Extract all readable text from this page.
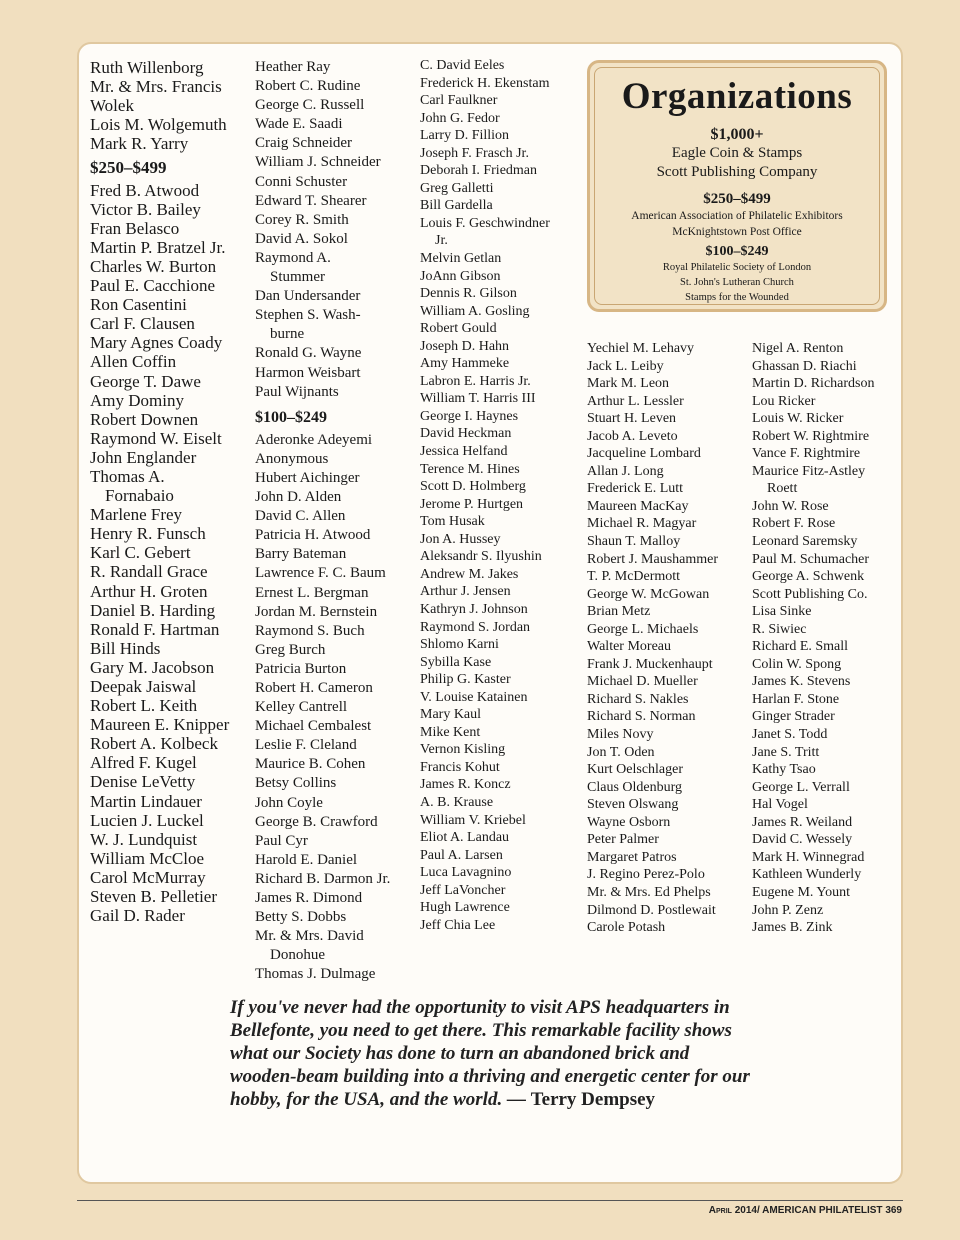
Ruth Willenborg
Mr. & Mrs. Francis
Wolek
Lois M. Wolgemuth
Mark R. Yarry
$250–$499
Fred B. Atwood
Victor B. Bailey
Fran Belasco
Martin P. Bratzel Jr.
Charles W. Burton
Paul E. Cacchione
Ron Casentini
Carl F. Clausen
Mary Agnes Coady
Allen Coffin
George T. Dawe
Amy Dominy
Robert Downen
Raymond W. Eiselt
John Englander
Thomas A.
Fornabaio
Marlene Frey
Henry R. Funsch
Karl C. Gebert
R. Randall Grace
Arthur H. Groten
Daniel B. Harding
Ronald F. Hartman
Bill Hinds
Gary M. Jacobson
Deepak Jaiswal
Robert L. Keith
Maureen E. Knipper
Robert A. Kolbeck
Alfred F. Kugel
Denise LeVetty
Martin Lindauer
Lucien J. Luckel
W. J. Lundquist
William McCloe
Carol McMurray
Steven B. Pelletier
Gail D. Rader
Heather Ray
Robert C. Rudine
George C. Russell
Wade E. Saadi
Craig Schneider
William J. Schneider
Conni Schuster
Edward T. Shearer
Corey R. Smith
David A. Sokol
Raymond A.
Stummer
Dan Undersander
Stephen S. Wash-
burne
Ronald G. Wayne
Harmon Weisbart
Paul Wijnants
$100–$249
Aderonke Adeyemi
Anonymous
Hubert Aichinger
John D. Alden
David C. Allen
Patricia H. Atwood
Barry Bateman
Lawrence F. C. Baum
Ernest L. Bergman
Jordan M. Bernstein
Raymond S. Buch
Greg Burch
Patricia Burton
Robert H. Cameron
Kelley Cantrell
Michael Cembalest
Leslie F. Cleland
Maurice B. Cohen
Betsy Collins
John Coyle
George B. Crawford
Paul Cyr
Harold E. Daniel
Richard B. Darmon Jr.
James R. Dimond
Betty S. Dobbs
Mr. & Mrs. David
Donohue
Thomas J. Dulmage
C. David Eeles
Frederick H. Ekenstam
Carl Faulkner
John G. Fedor
Larry D. Fillion
Joseph F. Frasch Jr.
Deborah I. Friedman
Greg Galletti
Bill Gardella
Louis F. Geschwindner
Jr.
Melvin Getlan
JoAnn Gibson
Dennis R. Gilson
William A. Gosling
Robert Gould
Joseph D. Hahn
Amy Hammeke
Labron E. Harris Jr.
William T. Harris III
George I. Haynes
David Heckman
Jessica Helfand
Terence M. Hines
Scott D. Holmberg
Jerome P. Hurtgen
Tom Husak
Jon A. Hussey
Aleksandr S. Ilyushin
Andrew M. Jakes
Arthur J. Jensen
Kathryn J. Johnson
Raymond S. Jordan
Shlomo Karni
Sybilla Kase
Philip G. Kaster
V. Louise Katainen
Mary Kaul
Mike Kent
Vernon Kisling
Francis Kohut
James R. Koncz
A. B. Krause
William V. Kriebel
Eliot A. Landau
Paul A. Larsen
Luca Lavagnino
Jeff LaVoncher
Hugh Lawrence
Jeff Chia Lee
Yechiel M. Lehavy
Jack L. Leiby
Mark M. Leon
Arthur L. Lessler
Stuart H. Leven
Jacob A. Leveto
Jacqueline Lombard
Allan J. Long
Frederick E. Lutt
Maureen MacKay
Michael R. Magyar
Shaun T. Malloy
Robert J. Maushammer
T. P. McDermott
George W. McGowan
Brian Metz
George L. Michaels
Walter Moreau
Frank J. Muckenhaupt
Michael D. Mueller
Richard S. Nakles
Richard S. Norman
Miles Novy
Jon T. Oden
Kurt Oelschlager
Claus Oldenburg
Steven Olswang
Wayne Osborn
Peter Palmer
Margaret Patros
J. Regino Perez-Polo
Mr. & Mrs. Ed Phelps
Dilmond D. Postlewait
Carole Potash
Nigel A. Renton
Ghassan D. Riachi
Martin D. Richardson
Lou Ricker
Louis W. Ricker
Robert W. Rightmire
Vance F. Rightmire
Maurice Fitz-Astley
Roett
John W. Rose
Robert F. Rose
Leonard Saremsky
Paul M. Schumacher
George A. Schwenk
Scott Publishing Co.
Lisa Sinke
R. Siwiec
Richard E. Small
Colin W. Spong
James K. Stevens
Harlan F. Stone
Ginger Strader
Janet S. Todd
Jane S. Tritt
Kathy Tsao
George L. Verrall
Hal Vogel
James R. Weiland
David C. Wessely
Mark H. Winnegrad
Kathleen Wunderly
Eugene M. Yount
John P. Zenz
James B. Zink
Organizations
$1,000+
Eagle Coin & Stamps
Scott Publishing Company
$250–$499
American Association of Philatelic Exhibitors
McKnightstown Post Office
$100–$249
Royal Philatelic Society of London
St. John's Lutheran Church
Stamps for the Wounded
If you've never had the opportunity to visit APS headquarters in Bellefonte, you need to get there. This remarkable facility shows what our Society has done to turn an abandoned brick and wooden-beam building into a thriving and energetic center for our hobby, for the USA, and the world. — Terry Dempsey
April 2014/ AMERICAN PHILATELIST 369
